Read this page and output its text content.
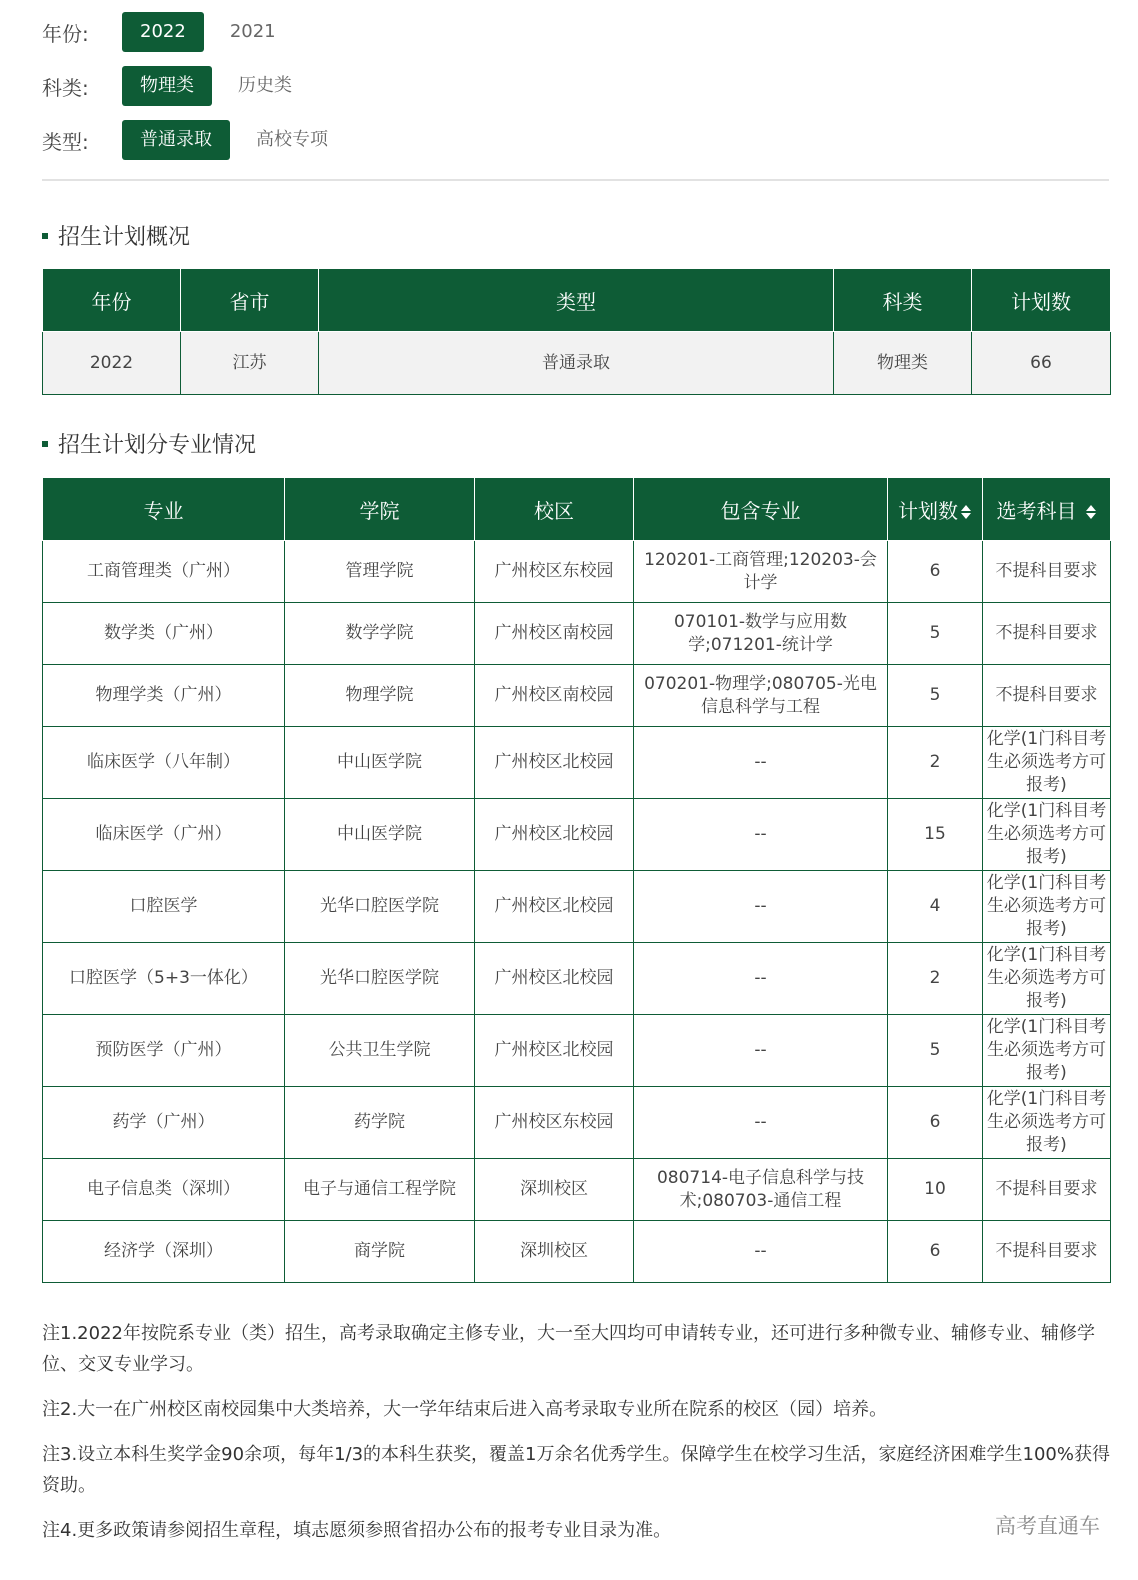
年份:	2022	2021
科类:	物理类	历史类
类型:	普通录取	高校专项
招生计划概况
年份	省市	类型	科类	计划数
2022	江苏	普通录取	物理类	66
招生计划分专业情况
专业	学院	校区	包含专业	计划数	选考科目
工商管理类（广州）	管理学院	广州校区东校园	120201-工商管理;120203-会计学	6	不提科目要求
数学类（广州）	数学学院	广州校区南校园	070101-数学与应用数学;071201-统计学	5	不提科目要求
物理学类（广州）	物理学院	广州校区南校园	070201-物理学;080705-光电信息科学与工程	5	不提科目要求
临床医学（八年制）	中山医学院	广州校区北校园	--	2	化学(1门科目考生必须选考方可报考)
临床医学（广州）	中山医学院	广州校区北校园	--	15	化学(1门科目考生必须选考方可报考)
口腔医学	光华口腔医学院	广州校区北校园	--	4	化学(1门科目考生必须选考方可报考)
口腔医学（5+3一体化）	光华口腔医学院	广州校区北校园	--	2	化学(1门科目考生必须选考方可报考)
预防医学（广州）	公共卫生学院	广州校区北校园	--	5	化学(1门科目考生必须选考方可报考)
药学（广州）	药学院	广州校区东校园	--	6	化学(1门科目考生必须选考方可报考)
电子信息类（深圳）	电子与通信工程学院	深圳校区	080714-电子信息科学与技术;080703-通信工程	10	不提科目要求
经济学（深圳）	商学院	深圳校区	--	6	不提科目要求

注1.2022年按院系专业（类）招生，高考录取确定主修专业，大一至大四均可申请转专业，还可进行多种微专业、辅修专业、辅修学位、交叉专业学习。

注2.大一在广州校区南校园集中大类培养，大一学年结束后进入高考录取专业所在院系的校区（园）培养。

注3.设立本科生奖学金90余项，每年1/3的本科生获奖，覆盖1万余名优秀学生。保障学生在校学习生活，家庭经济困难学生100%获得资助。

注4.更多政策请参阅招生章程，填志愿须参照省招办公布的报考专业目录为准。	高考直通车
